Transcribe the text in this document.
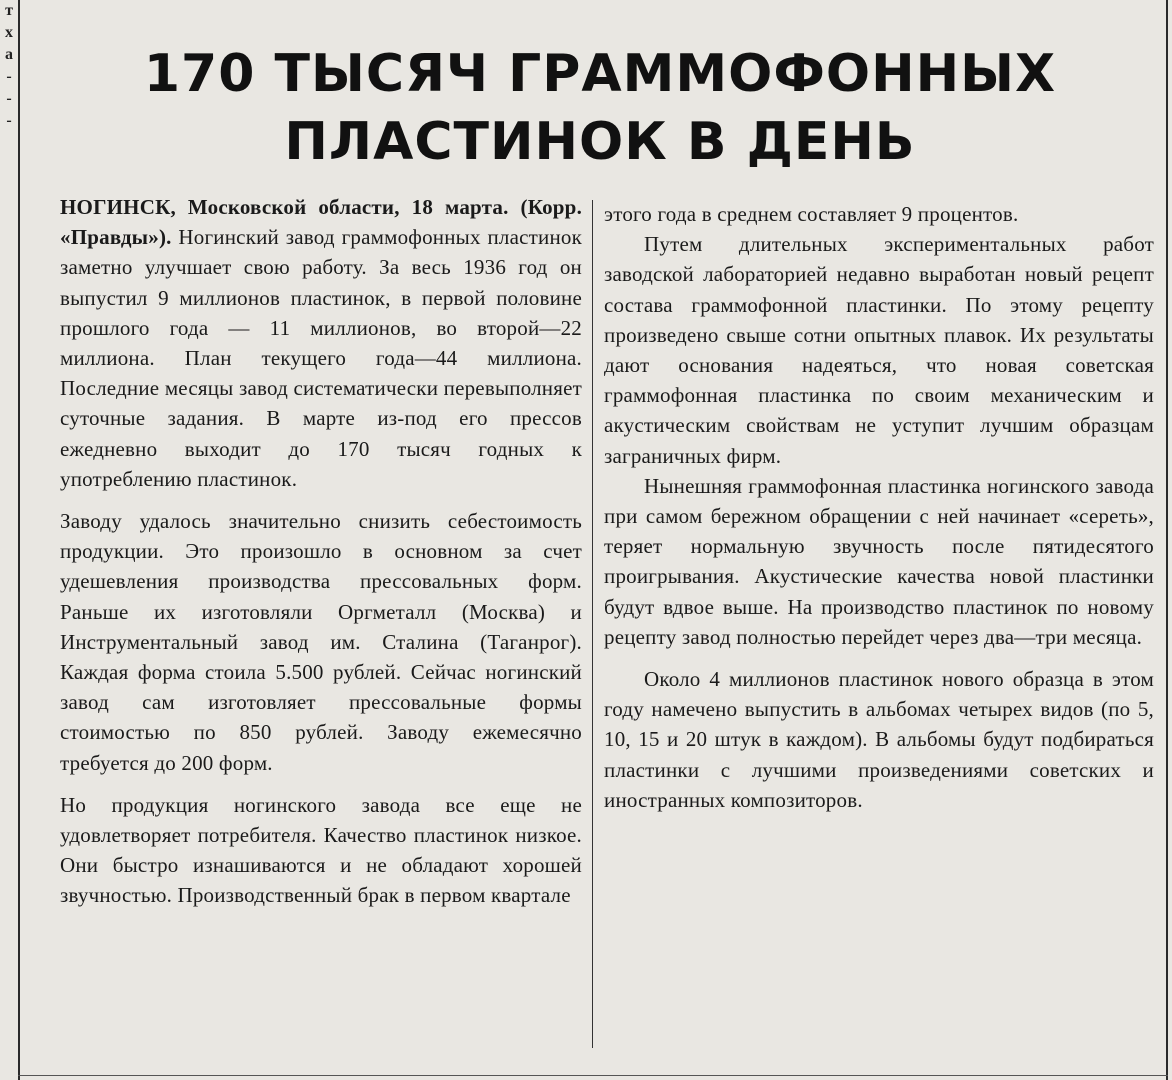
т
х
а
-
-
-
170 ТЫСЯЧ ГРАММОФОННЫХ
ПЛАСТИНОК В ДЕНЬ

НОГИНСК, Московской области, 18 марта. (Корр. «Правды»). Ногинский завод граммофонных пластинок заметно улучшает свою работу. За весь 1936 год он выпустил 9 миллионов пластинок, в первой половине прошлого года — 11 миллионов, во второй—22 миллиона. План текущего года—44 миллиона. Последние месяцы завод систематически перевыполняет суточные задания. В марте из-под его прессов ежедневно выходит до 170 тысяч годных к употреблению пластинок.

Заводу удалось значительно снизить себестоимость продукции. Это произошло в основном за счет удешевления производства прессовальных форм. Раньше их изготовляли Оргметалл (Москва) и Инструментальный завод им. Сталина (Таганрог). Каждая форма стоила 5.500 рублей. Сейчас ногинский завод сам изготовляет прессовальные формы стоимостью по 850 рублей. Заводу ежемесячно требуется до 200 форм.

Но продукция ногинского завода все еще не удовлетворяет потребителя. Качество пластинок низкое. Они быстро изнашиваются и не обладают хорошей звучностью. Производственный брак в первом квартале

этого года в среднем составляет 9 процентов.

Путем длительных экспериментальных работ заводской лабораторией недавно выработан новый рецепт состава граммофонной пластинки. По этому рецепту произведено свыше сотни опытных плавок. Их результаты дают основания надеяться, что новая советская граммофонная пластинка по своим механическим и акустическим свойствам не уступит лучшим образцам заграничных фирм.

Нынешняя граммофонная пластинка ногинского завода при самом бережном обращении с ней начинает «сереть», теряет нормальную звучность после пятидесятого проигрывания. Акустические качества новой пластинки будут вдвое выше. На производство пластинок по новому рецепту завод полностью перейдет через два—три месяца.

Около 4 миллионов пластинок нового образца в этом году намечено выпустить в альбомах четырех видов (по 5, 10, 15 и 20 штук в каждом). В альбомы будут подбираться пластинки с лучшими произведениями советских и иностранных композиторов.
